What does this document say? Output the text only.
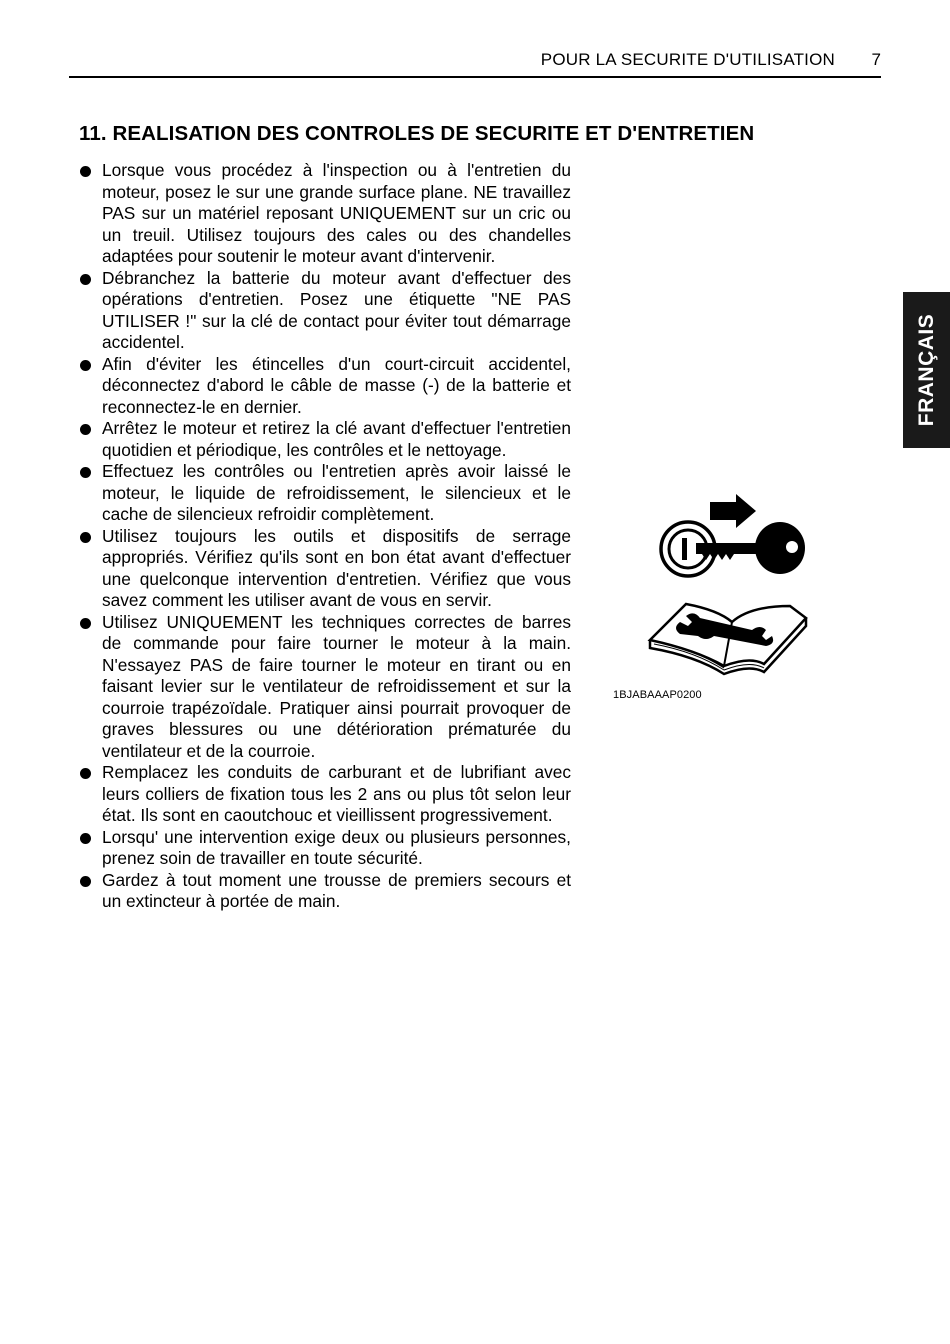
POUR LA SECURITE D'UTILISATION 7
11. REALISATION DES CONTROLES DE SECURITE ET D'ENTRETIEN
Lorsque vous procédez à l'inspection ou à l'entretien du moteur, posez le sur une grande surface plane. NE travaillez PAS sur un matériel reposant UNIQUEMENT sur un cric ou un treuil. Utilisez toujours des cales ou des chandelles adaptées pour soutenir le moteur avant d'intervenir.
Débranchez la batterie du moteur avant d'effectuer des opérations d'entretien. Posez une étiquette "NE PAS UTILISER !" sur la clé de contact pour éviter tout démarrage accidentel.
Afin d'éviter les étincelles d'un court-circuit accidentel, déconnectez d'abord le câble de masse (-) de la batterie et reconnectez-le en dernier.
Arrêtez le moteur et retirez la clé avant d'effectuer l'entretien quotidien et périodique, les contrôles et le nettoyage.
Effectuez les contrôles ou l'entretien après avoir laissé le moteur, le liquide de refroidissement, le silencieux et le cache de silencieux refroidir complètement.
Utilisez toujours les outils et dispositifs de serrage appropriés. Vérifiez qu'ils sont en bon état avant d'effectuer une quelconque intervention d'entretien. Vérifiez que vous savez comment les utiliser avant de vous en servir.
Utilisez UNIQUEMENT les techniques correctes de barres de commande pour faire tourner le moteur à la main. N'essayez PAS de faire tourner le moteur en tirant ou en faisant levier sur le ventilateur de refroidissement et sur la courroie trapézoïdale. Pratiquer ainsi pourrait provoquer de graves blessures ou une détérioration prématurée du ventilateur et de la courroie.
Remplacez les conduits de carburant et de lubrifiant avec leurs colliers de fixation tous les 2 ans ou plus tôt selon leur état. Ils sont en caoutchouc et vieillissent progressivement.
Lorsqu' une intervention exige deux ou plusieurs personnes, prenez soin de travailler en toute sécurité.
Gardez à tout moment une trousse de premiers secours et un extincteur à portée de main.
FRANÇAIS
1BJABAAAP0200
